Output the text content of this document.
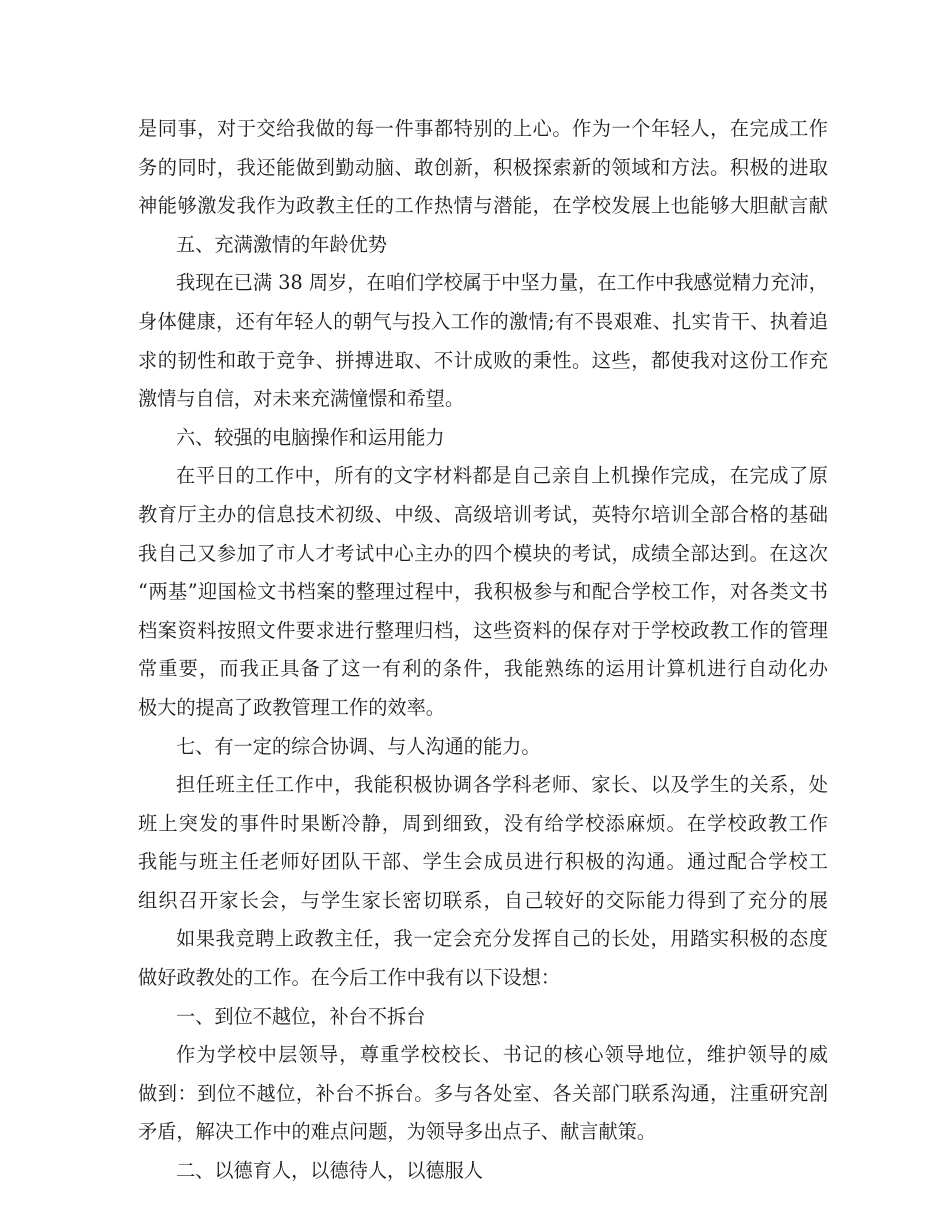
是同事，对于交给我做的每一件事都特别的上心。作为一个年轻人，在完成工作
务的同时，我还能做到勤动脑、敢创新，积极探索新的领域和方法。积极的进取
神能够激发我作为政教主任的工作热情与潜能，在学校发展上也能够大胆献言献
五、充满激情的年龄优势
我现在已满 38 周岁，在咱们学校属于中坚力量，在工作中我感觉精力充沛，
身体健康，还有年轻人的朝气与投入工作的激情;有不畏艰难、扎实肯干、执着追
求的韧性和敢于竞争、拼搏进取、不计成败的秉性。这些，都使我对这份工作充
激情与自信，对未来充满憧憬和希望。
六、较强的电脑操作和运用能力
在平日的工作中，所有的文字材料都是自己亲自上机操作完成，在完成了原
教育厅主办的信息技术初级、中级、高级培训考试，英特尔培训全部合格的基础
我自己又参加了市人才考试中心主办的四个模块的考试，成绩全部达到。在这次
“两基”迎国检文书档案的整理过程中，我积极参与和配合学校工作，对各类文书
档案资料按照文件要求进行整理归档，这些资料的保存对于学校政教工作的管理
常重要，而我正具备了这一有利的条件，我能熟练的运用计算机进行自动化办
极大的提高了政教管理工作的效率。
七、有一定的综合协调、与人沟通的能力。
担任班主任工作中，我能积极协调各学科老师、家长、以及学生的关系，处
班上突发的事件时果断冷静，周到细致，没有给学校添麻烦。在学校政教工作
我能与班主任老师好团队干部、学生会成员进行积极的沟通。通过配合学校工
组织召开家长会，与学生家长密切联系，自己较好的交际能力得到了充分的展
如果我竞聘上政教主任，我一定会充分发挥自己的长处，用踏实积极的态度
做好政教处的工作。在今后工作中我有以下设想：
一、到位不越位，补台不拆台
作为学校中层领导，尊重学校校长、书记的核心领导地位，维护领导的威
做到：到位不越位，补台不拆台。多与各处室、各关部门联系沟通，注重研究剖
矛盾，解决工作中的难点问题，为领导多出点子、献言献策。
二、以德育人，以德待人，以德服人
